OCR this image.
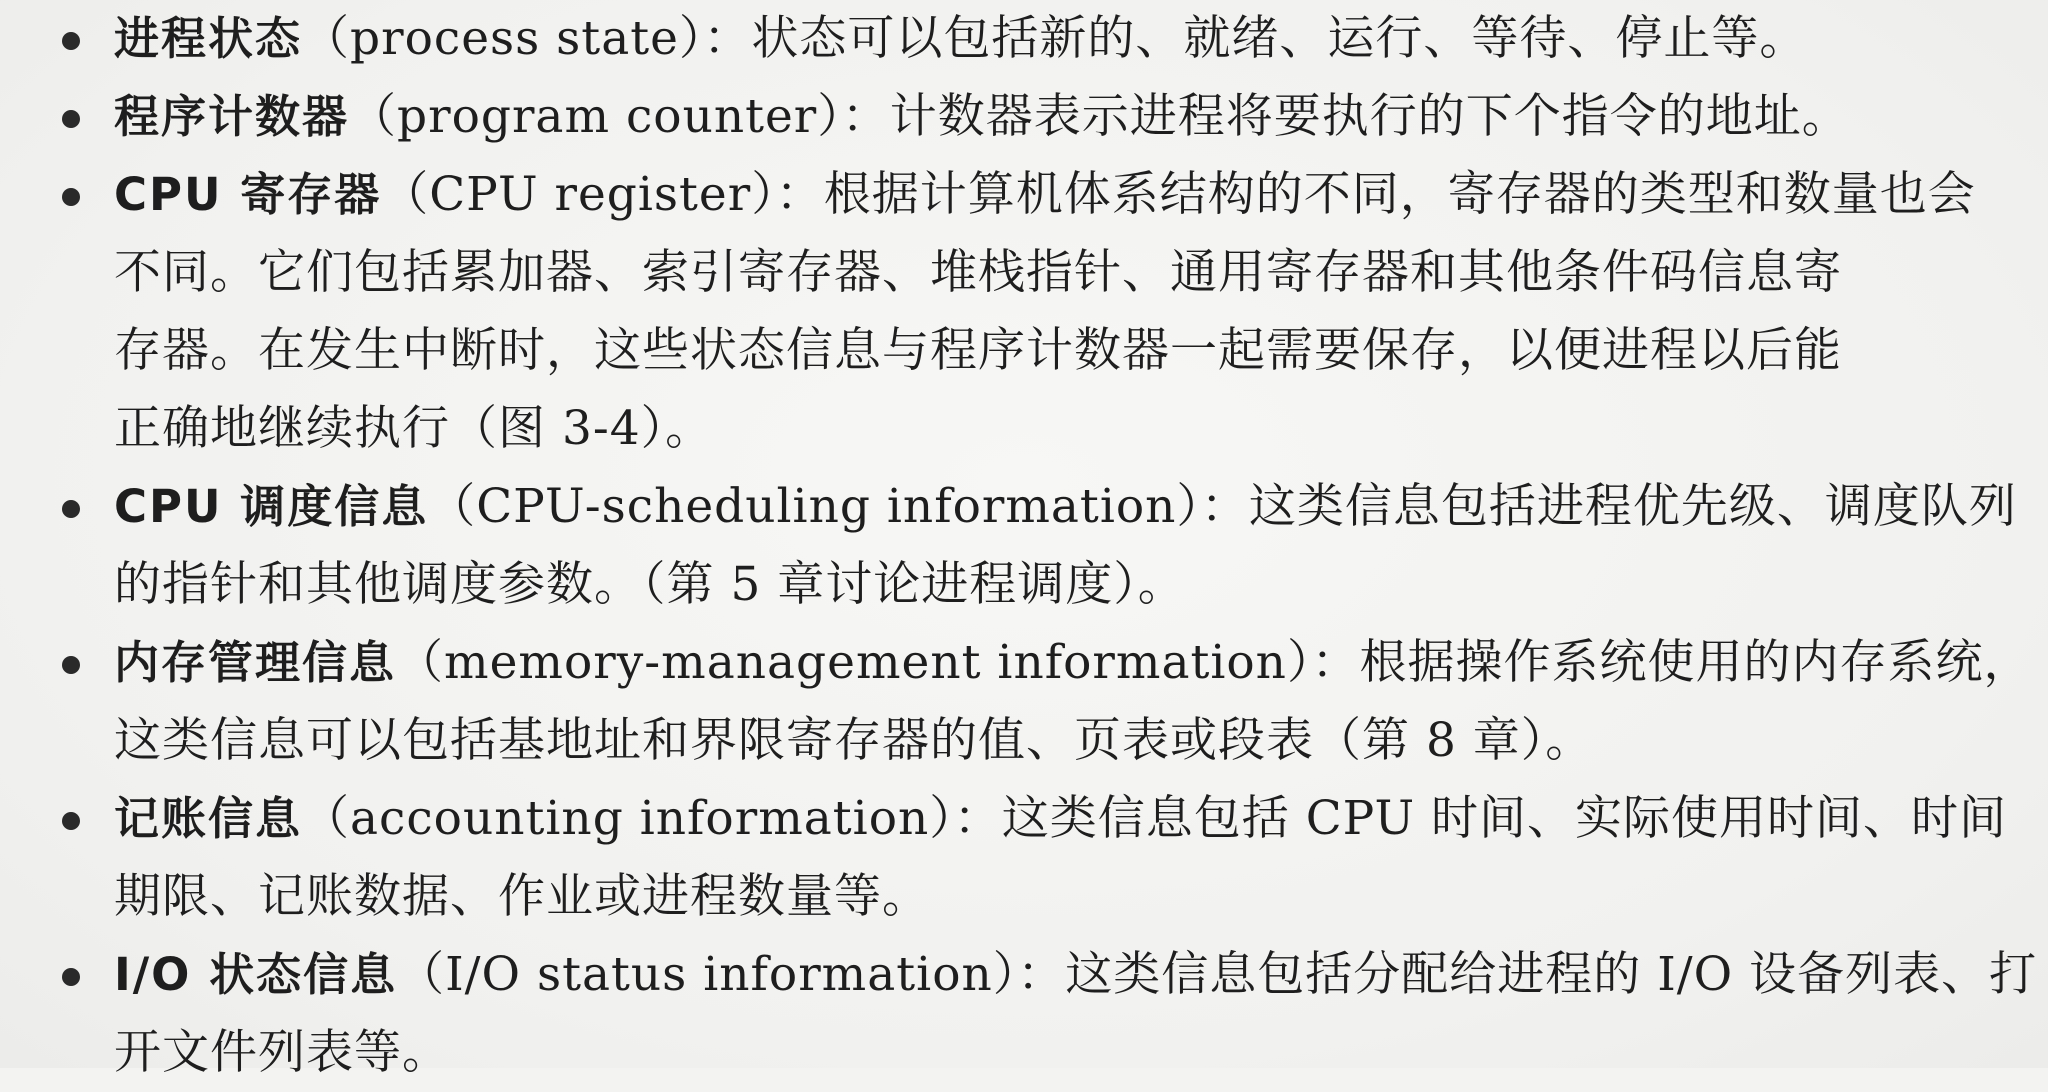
进程状态（process state）：状态可以包括新的、就绪、运行、等待、停止等。
程序计数器（program counter）：计数器表示进程将要执行的下个指令的地址。
CPU 寄存器（CPU register）：根据计算机体系结构的不同，寄存器的类型和数量也会
不同。它们包括累加器、索引寄存器、堆栈指针、通用寄存器和其他条件码信息寄
存器。在发生中断时，这些状态信息与程序计数器一起需要保存，以便进程以后能
正确地继续执行（图 3-4）。
CPU 调度信息（CPU-scheduling information）：这类信息包括进程优先级、调度队列
的指针和其他调度参数。（第 5 章讨论进程调度）。
内存管理信息（memory-management information）：根据操作系统使用的内存系统，
这类信息可以包括基地址和界限寄存器的值、页表或段表（第 8 章）。
记账信息（accounting information）：这类信息包括 CPU 时间、实际使用时间、时间
期限、记账数据、作业或进程数量等。
I/O 状态信息（I/O status information）：这类信息包括分配给进程的 I/O 设备列表、打
开文件列表等。
